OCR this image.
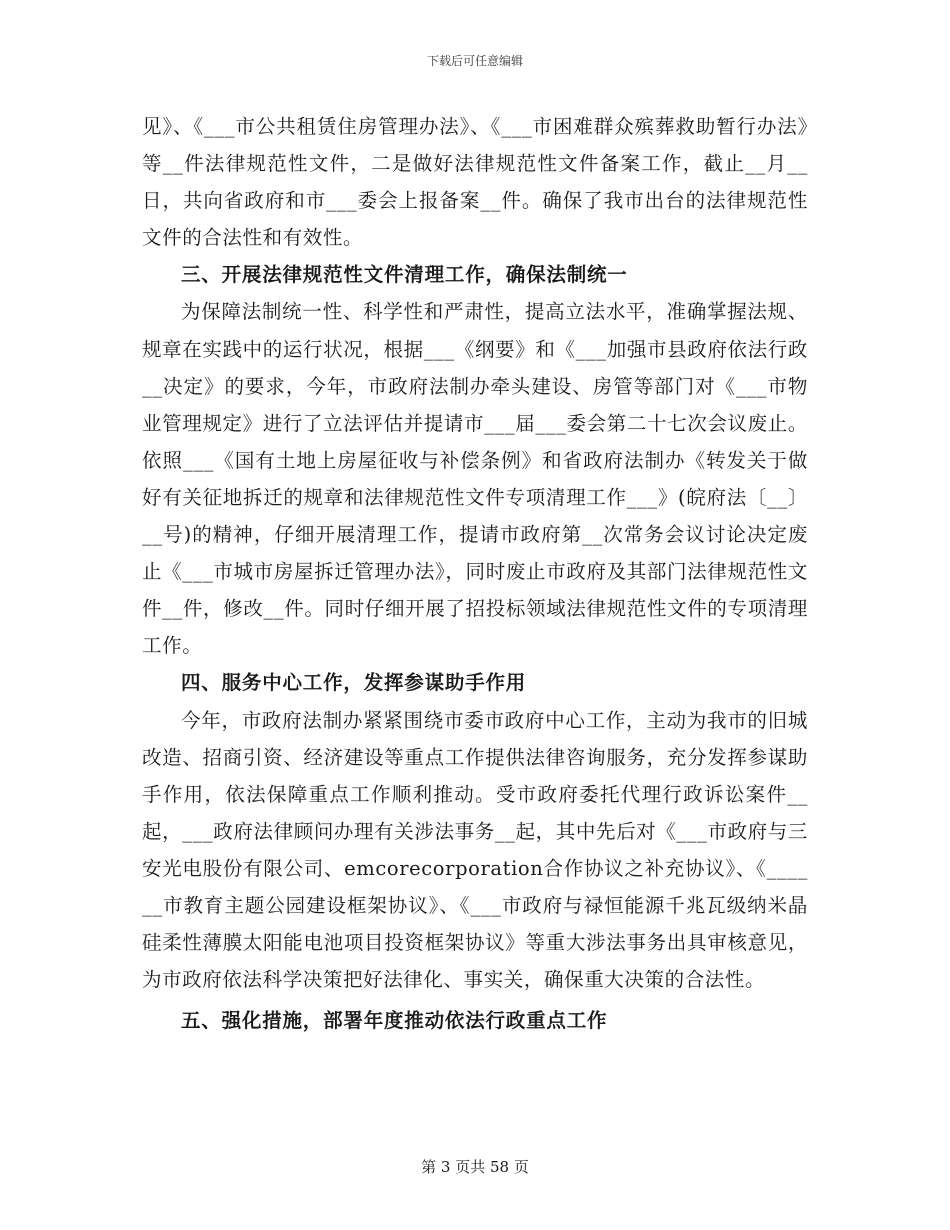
下载后可任意编辑

见》、《___市公共租赁住房管理办法》、《___市困难群众殡葬救助暂行办法》等__件法律规范性文件，二是做好法律规范性文件备案工作，截止__月__日，共向省政府和市___委会上报备案__件。确保了我市出台的法律规范性文件的合法性和有效性。

三、开展法律规范性文件清理工作，确保法制统一

为保障法制统一性、科学性和严肃性，提高立法水平，准确掌握法规、规章在实践中的运行状况，根据___《纲要》和《___加强市县政府依法行政__决定》的要求，今年，市政府法制办牵头建设、房管等部门对《___市物业管理规定》进行了立法评估并提请市___届___委会第二十七次会议废止。依照___《国有土地上房屋征收与补偿条例》和省政府法制办《转发关于做好有关征地拆迁的规章和法律规范性文件专项清理工作___》(皖府法〔__〕__号)的精神，仔细开展清理工作，提请市政府第__次常务会议讨论决定废止《___市城市房屋拆迁管理办法》，同时废止市政府及其部门法律规范性文件__件，修改__件。同时仔细开展了招投标领域法律规范性文件的专项清理工作。

四、服务中心工作，发挥参谋助手作用

今年，市政府法制办紧紧围绕市委市政府中心工作，主动为我市的旧城改造、招商引资、经济建设等重点工作提供法律咨询服务，充分发挥参谋助手作用，依法保障重点工作顺利推动。受市政府委托代理行政诉讼案件__起，___政府法律顾问办理有关涉法事务__起，其中先后对《___市政府与三安光电股份有限公司、emcorecorporation合作协议之补充协议》、《______市教育主题公园建设框架协议》、《___市政府与禄恒能源千兆瓦级纳米晶硅柔性薄膜太阳能电池项目投资框架协议》等重大涉法事务出具审核意见，为市政府依法科学决策把好法律化、事实关，确保重大决策的合法性。

五、强化措施，部署年度推动依法行政重点工作

第 3 页共 58 页
